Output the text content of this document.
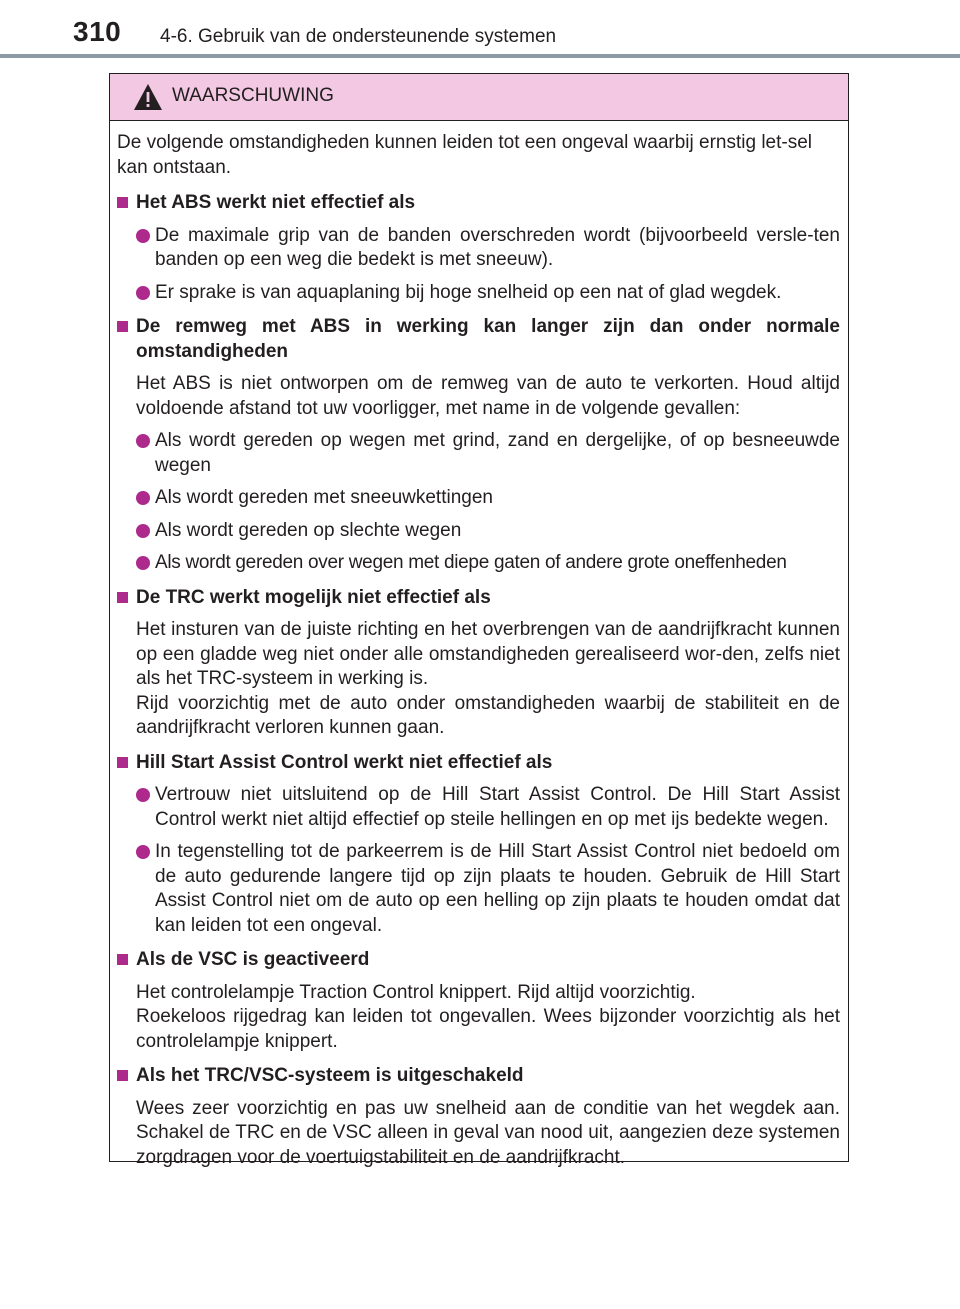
310 4-6. Gebruik van de ondersteunende systemen
WAARSCHUWING

De volgende omstandigheden kunnen leiden tot een ongeval waarbij ernstig let-sel kan ontstaan.

Het ABS werkt niet effectief als
De maximale grip van de banden overschreden wordt (bijvoorbeeld versle-ten banden op een weg die bedekt is met sneeuw).
Er sprake is van aquaplaning bij hoge snelheid op een nat of glad wegdek.
De remweg met ABS in werking kan langer zijn dan onder normale omstandigheden
Het ABS is niet ontworpen om de remweg van de auto te verkorten. Houd altijd voldoende afstand tot uw voorligger, met name in de volgende gevallen:
Als wordt gereden op wegen met grind, zand en dergelijke, of op besneeuwde wegen
Als wordt gereden met sneeuwkettingen
Als wordt gereden op slechte wegen
Als wordt gereden over wegen met diepe gaten of andere grote oneffenheden
De TRC werkt mogelijk niet effectief als
Het insturen van de juiste richting en het overbrengen van de aandrijfkracht kunnen op een gladde weg niet onder alle omstandigheden gerealiseerd wor-den, zelfs niet als het TRC-systeem in werking is.
Rijd voorzichtig met de auto onder omstandigheden waarbij de stabiliteit en de aandrijfkracht verloren kunnen gaan.
Hill Start Assist Control werkt niet effectief als
Vertrouw niet uitsluitend op de Hill Start Assist Control. De Hill Start Assist Control werkt niet altijd effectief op steile hellingen en op met ijs bedekte wegen.
In tegenstelling tot de parkeerrem is de Hill Start Assist Control niet bedoeld om de auto gedurende langere tijd op zijn plaats te houden. Gebruik de Hill Start Assist Control niet om de auto op een helling op zijn plaats te houden omdat dat kan leiden tot een ongeval.
Als de VSC is geactiveerd
Het controlelampje Traction Control knippert. Rijd altijd voorzichtig.
Roekeloos rijgedrag kan leiden tot ongevallen. Wees bijzonder voorzichtig als het controlelampje knippert.
Als het TRC/VSC-systeem is uitgeschakeld
Wees zeer voorzichtig en pas uw snelheid aan de conditie van het wegdek aan. Schakel de TRC en de VSC alleen in geval van nood uit, aangezien deze systemen zorgdragen voor de voertuigstabiliteit en de aandrijfkracht.
